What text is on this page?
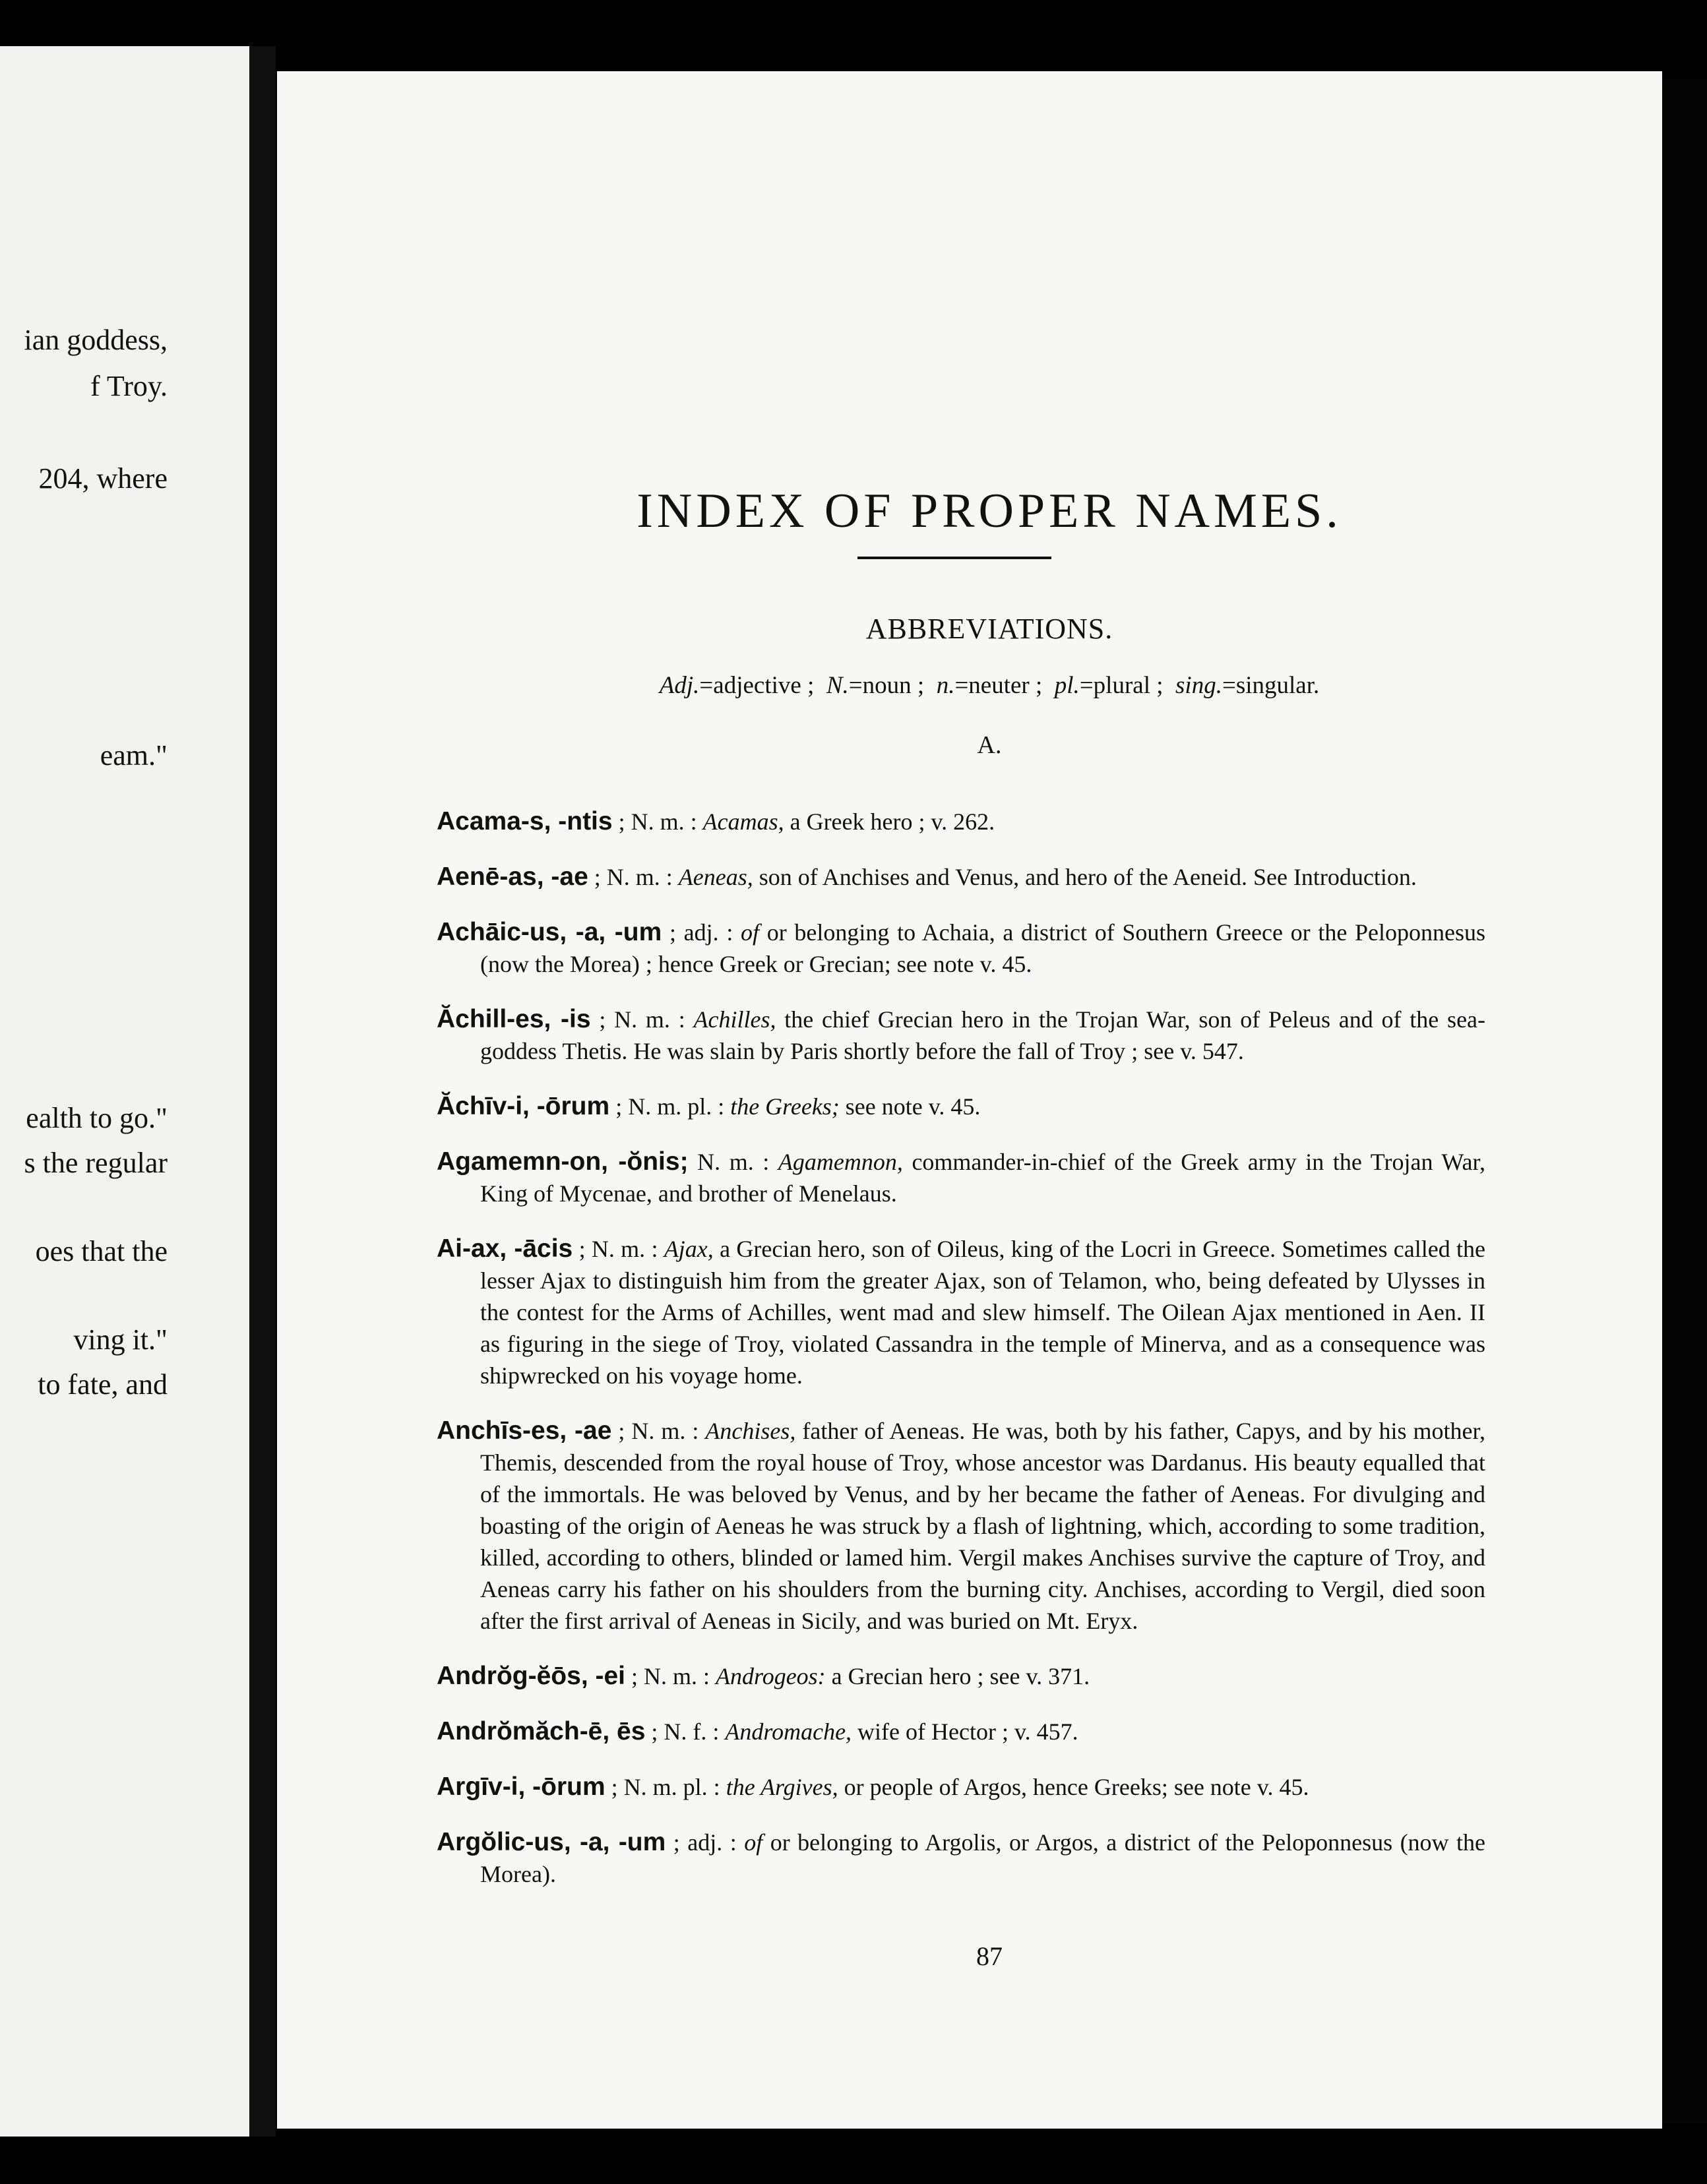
ian goddess,
f Troy.
204, where
eam."
ealth to go."
s the regular
oes that the
ving it."
to fate, and
INDEX OF PROPER NAMES.
ABBREVIATIONS.
Adj.=adjective ;  N.=noun ;  n.=neuter ;  pl.=plural ;  sing.=singular.
A.

Acama-s, -ntis ; N. m. : Acamas, a Greek hero ; v. 262.

Aenē-as, -ae ; N. m. : Aeneas, son of Anchises and Venus, and hero of the Aeneid. See Introduction.

Achāic-us, -a, -um ; adj. : of or belonging to Achaia, a district of Southern Greece or the Peloponnesus (now the Morea) ; hence Greek or Grecian; see note v. 45.

Ăchill-es, -is ; N. m. : Achilles, the chief Grecian hero in the Trojan War, son of Peleus and of the sea-goddess Thetis. He was slain by Paris shortly before the fall of Troy ; see v. 547.

Ăchīv-i, -ōrum ; N. m. pl. : the Greeks; see note v. 45.

Agamemn-on, -ŏnis; N. m. : Agamemnon, commander-in-chief of the Greek army in the Trojan War, King of Mycenae, and brother of Menelaus.

Ai-ax, -ācis ; N. m. : Ajax, a Grecian hero, son of Oileus, king of the Locri in Greece. Sometimes called the lesser Ajax to distinguish him from the greater Ajax, son of Telamon, who, being defeated by Ulysses in the contest for the Arms of Achilles, went mad and slew himself. The Oilean Ajax mentioned in Aen. II as figuring in the siege of Troy, violated Cassandra in the temple of Minerva, and as a consequence was shipwrecked on his voyage home.

Anchīs-es, -ae ; N. m. : Anchises, father of Aeneas. He was, both by his father, Capys, and by his mother, Themis, descended from the royal house of Troy, whose ancestor was Dardanus. His beauty equalled that of the immortals. He was beloved by Venus, and by her became the father of Aeneas. For divulging and boasting of the origin of Aeneas he was struck by a flash of lightning, which, according to some tradition, killed, according to others, blinded or lamed him. Vergil makes Anchises survive the capture of Troy, and Aeneas carry his father on his shoulders from the burning city. Anchises, according to Vergil, died soon after the first arrival of Aeneas in Sicily, and was buried on Mt. Eryx.

Andrŏg-ĕōs, -ei ; N. m. : Androgeos: a Grecian hero ; see v. 371.

Andrŏmăch-ē, ēs ; N. f. : Andromache, wife of Hector ; v. 457.

Argīv-i, -ōrum ; N. m. pl. : the Argives, or people of Argos, hence Greeks; see note v. 45.

Argŏlic-us, -a, -um ; adj. : of or belonging to Argolis, or Argos, a district of the Peloponnesus (now the Morea).

87
